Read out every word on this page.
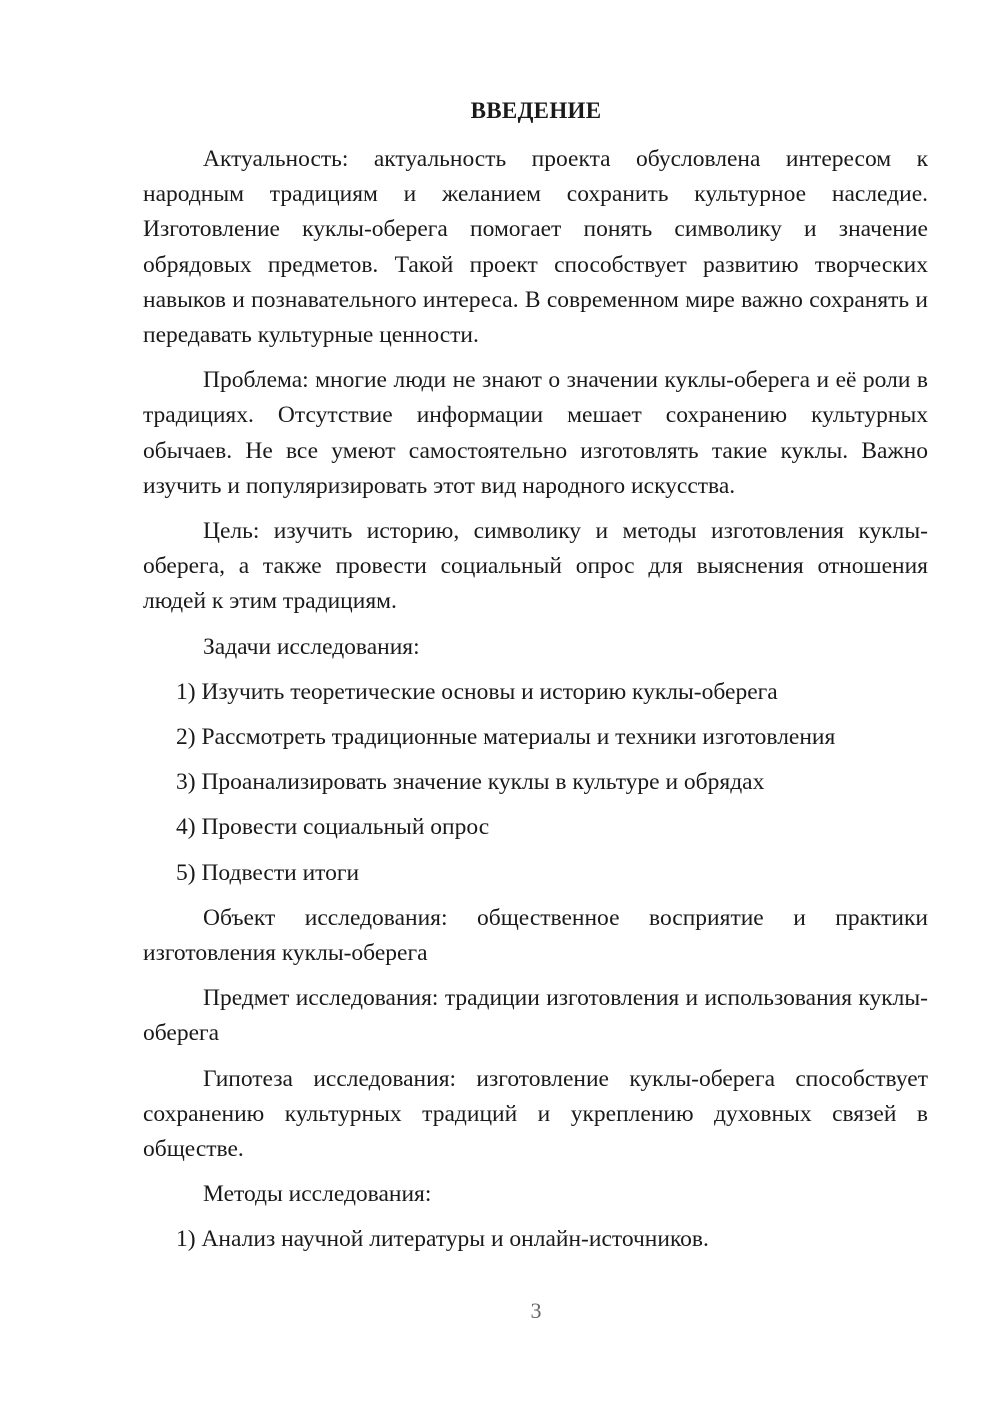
ВВЕДЕНИЕ

Актуальность: актуальность проекта обусловлена интересом к народным традициям и желанием сохранить культурное наследие. Изготовление куклы-оберега помогает понять символику и значение обрядовых предметов. Такой проект способствует развитию творческих навыков и познавательного интереса. В современном мире важно сохранять и передавать культурные ценности.

Проблема: многие люди не знают о значении куклы-оберега и её роли в традициях. Отсутствие информации мешает сохранению культурных обычаев. Не все умеют самостоятельно изготовлять такие куклы. Важно изучить и популяризировать этот вид народного искусства.

Цель: изучить историю, символику и методы изготовления куклы-оберега, а также провести социальный опрос для выяснения отношения людей к этим традициям.

Задачи исследования:

1) Изучить теоретические основы и историю куклы-оберега

2) Рассмотреть традиционные материалы и техники изготовления

3) Проанализировать значение куклы в культуре и обрядах

4) Провести социальный опрос

5) Подвести итоги

Объект исследования: общественное восприятие и практики изготовления куклы-оберега

Предмет исследования: традиции изготовления и использования куклы-оберега

Гипотеза исследования: изготовление куклы-оберега способствует сохранению культурных традиций и укреплению духовных связей в обществе.

Методы исследования:

1) Анализ научной литературы и онлайн-источников.

3
